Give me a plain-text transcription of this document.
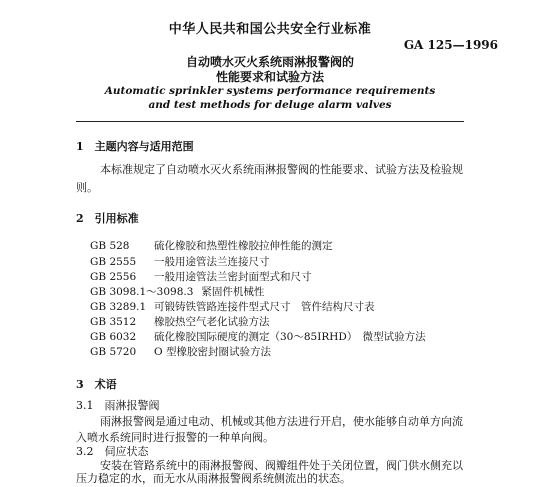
中华人民共和国公共安全行业标准
GA 125—1996
自动喷水灭火系统雨淋报警阀的
性能要求和试验方法
Automatic sprinkler systems performance requirements
and test methods for deluge alarm valves
1　主题内容与适用范围
本标准规定了自动喷水灭火系统雨淋报警阀的性能要求、试验方法及检验规
则。
2　引用标准
GB 528 硫化橡胶和热塑性橡胶拉伸性能的测定
GB 2555 一般用途管法兰连接尺寸
GB 2556 一般用途管法兰密封面型式和尺寸
GB 3098.1～3098.3 紧固件机械性
GB 3289.1 可锻铸铁管路连接件型式尺寸　管件结构尺寸表
GB 3512 橡胶热空气老化试验方法
GB 6032 硫化橡胶国际硬度的测定（30～85IRHD）　微型试验方法
GB 5720 O 型橡胶密封圈试验方法
3　术语
3.1　雨淋报警阀
雨淋报警阀是通过电动、机械或其他方法进行开启，使水能够自动单方向流
入喷水系统同时进行报警的一种单向阀。
3.2　伺应状态
安装在管路系统中的雨淋报警阀、阀瓣组件处于关闭位置，阀门供水侧充以
压力稳定的水，而无水从雨淋报警阀系统侧流出的状态。
